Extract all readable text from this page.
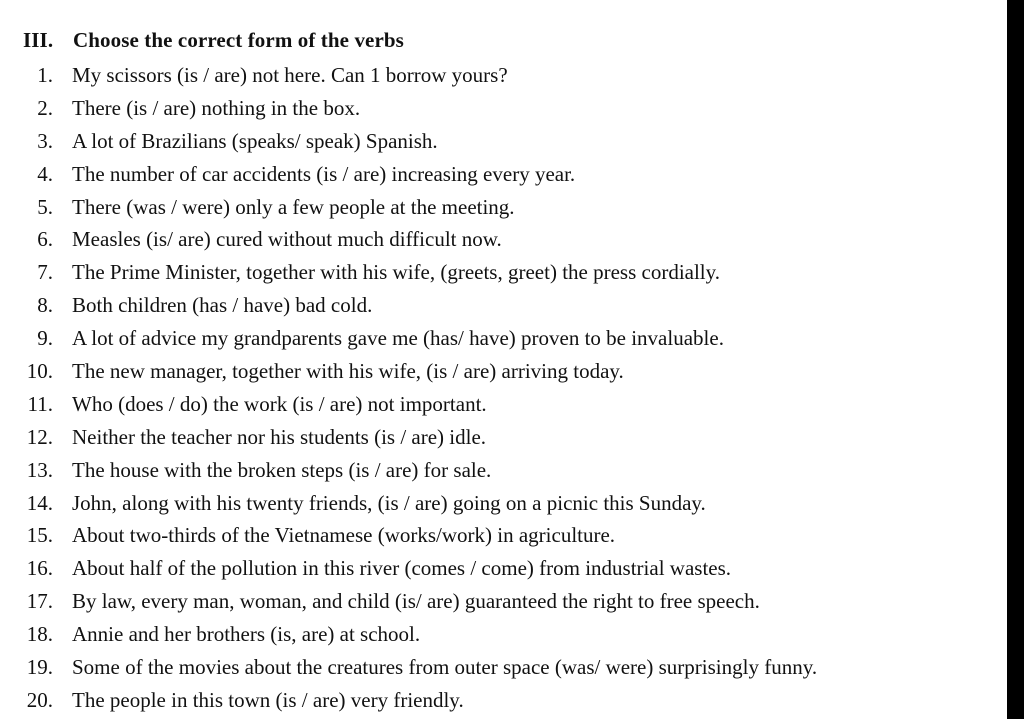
III. Choose the correct form of the verbs
1. My scissors (is / are) not here. Can 1 borrow yours?
2. There (is / are) nothing in the box.
3. A lot of Brazilians (speaks/ speak) Spanish.
4. The number of car accidents (is / are) increasing every year.
5. There (was / were) only a few people at the meeting.
6. Measles (is/ are) cured without much difficult now.
7. The Prime Minister, together with his wife, (greets, greet) the press cordially.
8. Both children (has / have) bad cold.
9. A lot of advice my grandparents gave me (has/ have) proven to be invaluable.
10. The new manager, together with his wife, (is / are) arriving today.
11. Who (does / do) the work (is / are) not important.
12. Neither the teacher nor his students (is / are) idle.
13. The house with the broken steps (is / are) for sale.
14. John, along with his twenty friends, (is / are) going on a picnic this Sunday.
15. About two-thirds of the Vietnamese (works/work) in agriculture.
16. About half of the pollution in this river (comes / come) from industrial wastes.
17. By law, every man, woman, and child (is/ are) guaranteed the right to free speech.
18. Annie and her brothers (is, are) at school.
19. Some of the movies about the creatures from outer space (was/ were) surprisingly funny.
20. The people in this town (is / are) very friendly.
